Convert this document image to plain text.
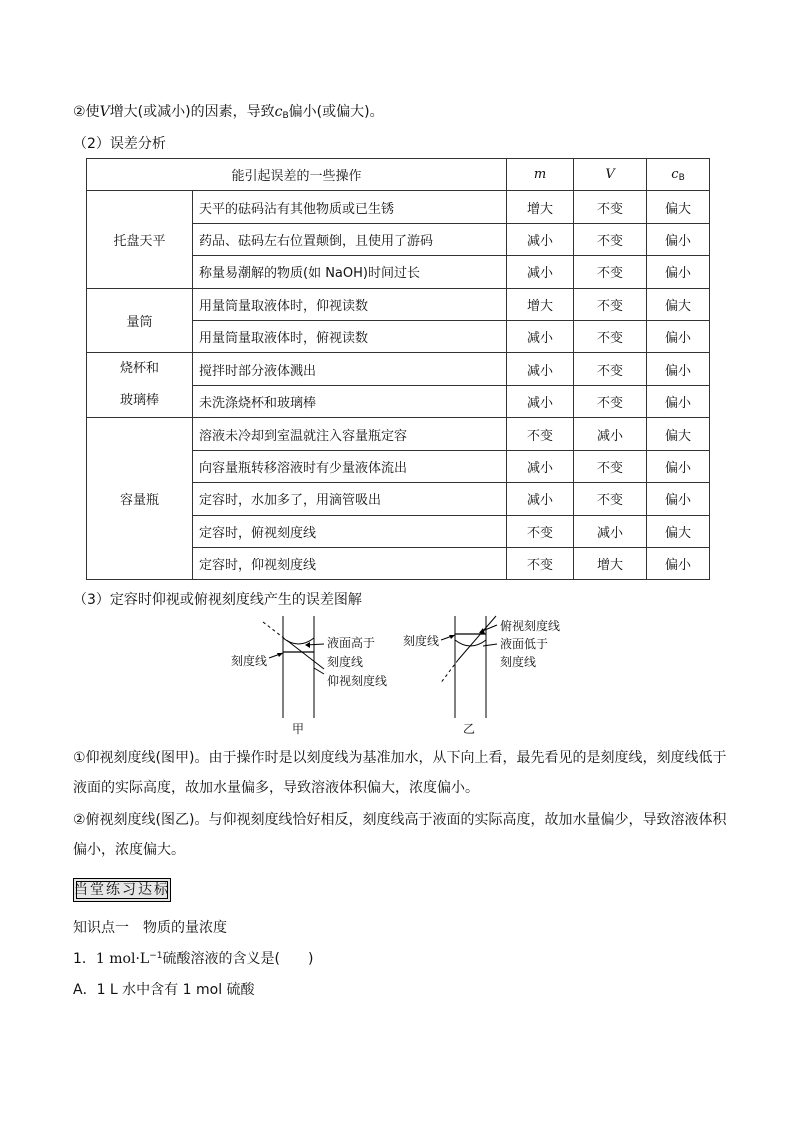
②使V增大(或减小)的因素，导致$c_B$偏小(或偏大)。
（2）误差分析
能引起误差的一些操作		m	V	$c_B$

托盘天平	天平的砝码沾有其他物质或已生锈	增大	不变	偏大
	药品、砝码左右位置颠倒，且使用了游码	减小	不变	偏小
	称量易潮解的物质(如 NaOH)时间过长	减小	不变	偏小

量筒	用量筒量取液体时，仰视读数	增大	不变	偏大
	用量筒量取液体时，俯视读数	减小	不变	偏小

烧杯和
玻璃棒	搅拌时部分液体溅出	减小	不变	偏小
	未洗涤烧杯和玻璃棒	减小	不变	偏小

容量瓶	溶液未冷却到室温就注入容量瓶定容	不变	减小	偏大
	向容量瓶转移溶液时有少量液体流出	减小	不变	偏小
	定容时，水加多了，用滴管吸出	减小	不变	偏小
	定容时，俯视刻度线	不变	减小	偏大
	定容时，仰视刻度线	不变	增大	偏小
（3）定容时仰视或俯视刻度线产生的误差图解
刻度线
液面高于
刻度线
仰视刻度线
甲
刻度线
俯视刻度线
液面低于
刻度线
乙
①仰视刻度线(图甲)。由于操作时是以刻度线为基准加水，从下向上看，最先看见的是刻度线，刻度线低于液面的实际高度，故加水量偏多，导致溶液体积偏大，浓度偏小。
②俯视刻度线(图乙)。与仰视刻度线恰好相反，刻度线高于液面的实际高度，故加水量偏少，导致溶液体积偏小，浓度偏大。
当堂练习达标
知识点一　物质的量浓度
1．1 $mol\cdot L^{-1}$硫酸溶液的含义是(　　)
A．1 L 水中含有 1 mol 硫酸
